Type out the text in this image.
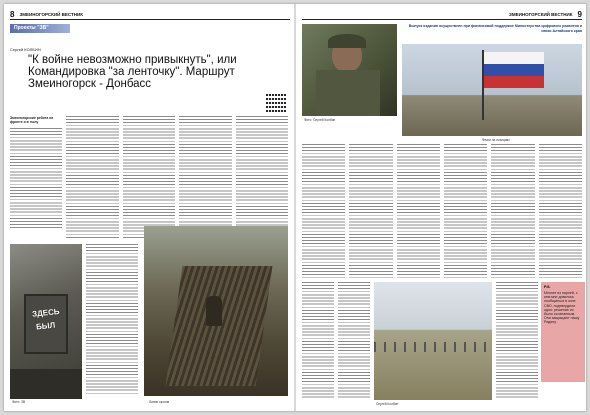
8 ЗМЕИНОГОРСКИЙ ВЕСТНИК
Проекты "ЗВ"
Сергей КОЛБИН
"К войне невозможно привыкнуть", или Командировка "за ленточку". Маршрут Змеиногорск - Донбасс
Змеиногорские ребята на фронте и в тылу
ЗДЕСЬ
БЫЛ
Линия окопов
Фото: ЗВ
ЗМЕИНОГОРСКИЙ ВЕСТНИК 9
Выпуск издания осуществлен при финансовой поддержке Министерства цифрового развития и связи Алтайского края
Фото: Сергей Колбин
Флаги на позициях
Сергей Колбин
Р.S.
Многие из парней, с кем мне довелось пообщаться в зоне СВО, подтвердили одно: решение их было осознанным. Они защищают нашу Родину.
